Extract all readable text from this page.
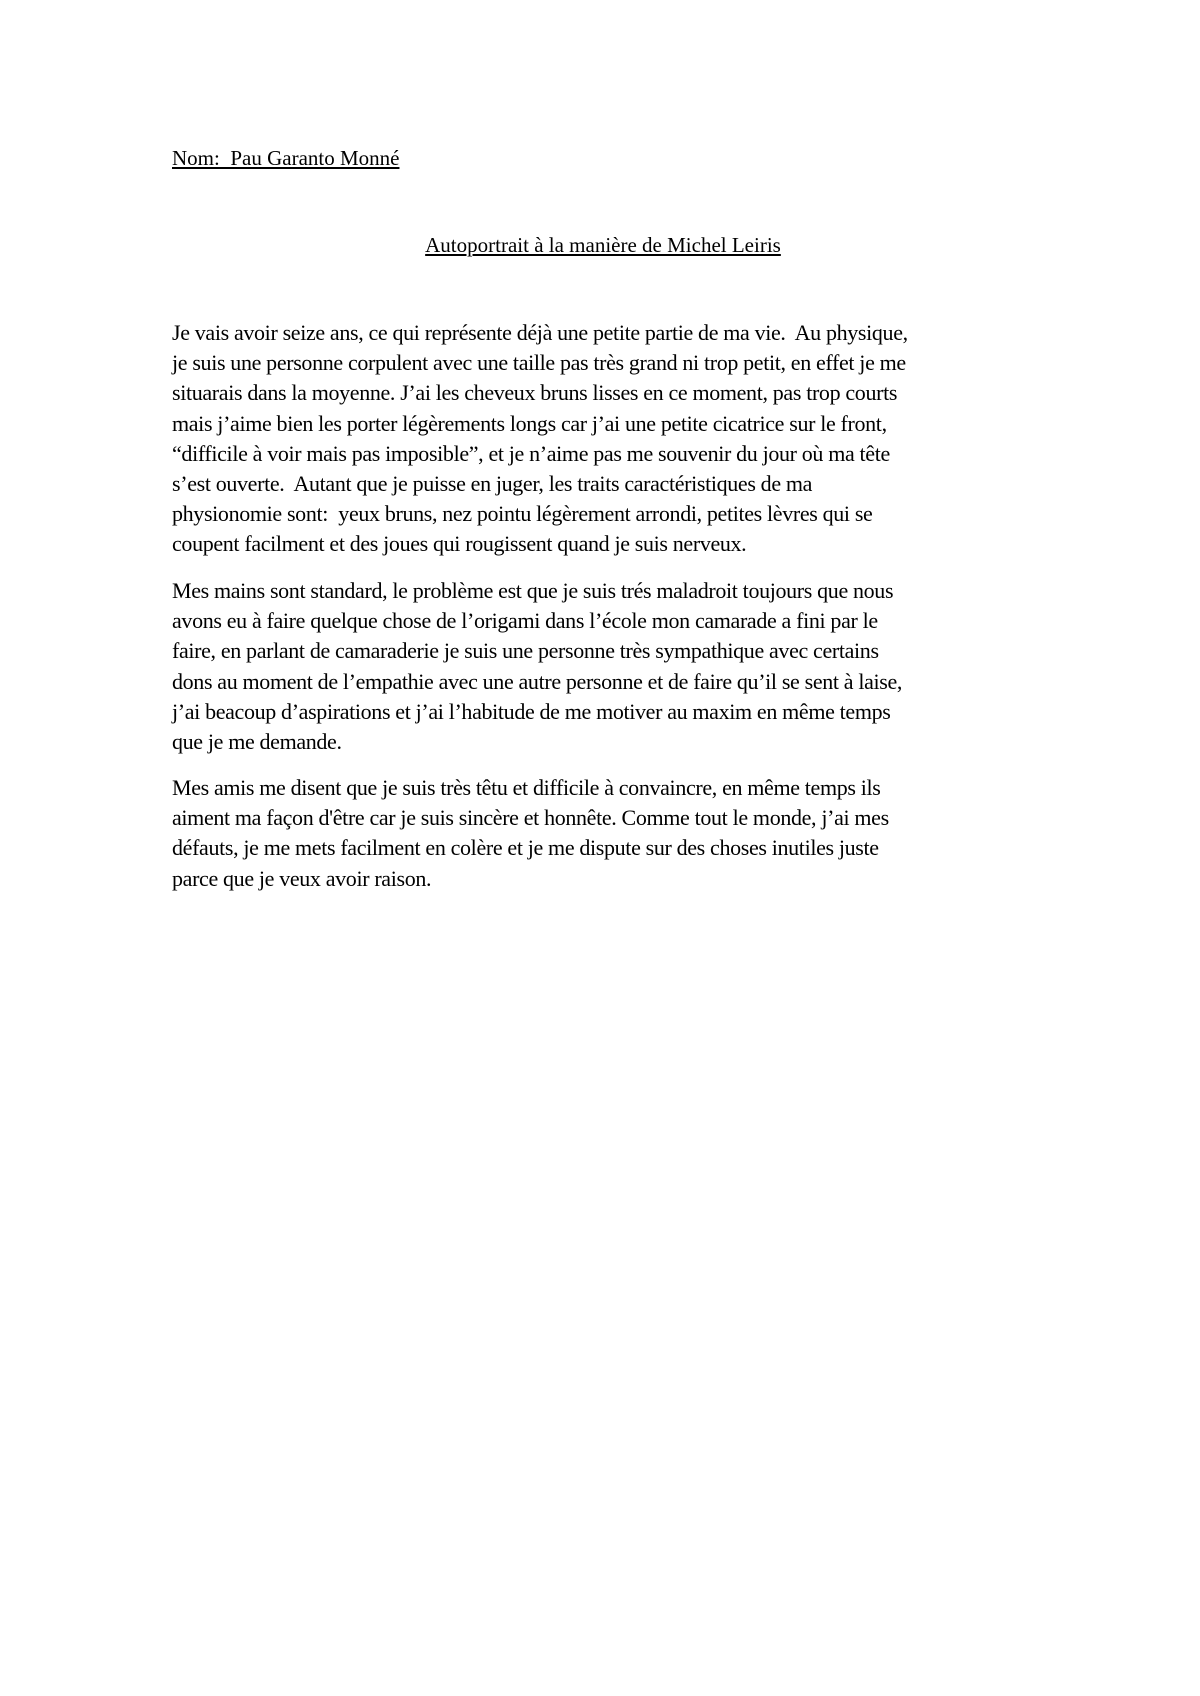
Nom:  Pau Garanto Monné
Autoportrait à la manière de Michel Leiris
Je vais avoir seize ans, ce qui représente déjà une petite partie de ma vie.  Au physique,
je suis une personne corpulent avec une taille pas très grand ni trop petit, en effet je me
situarais dans la moyenne. J’ai les cheveux bruns lisses en ce moment, pas trop courts
mais j’aime bien les porter légèrements longs car j’ai une petite cicatrice sur le front,
“difficile à voir mais pas imposible”, et je n’aime pas me souvenir du jour où ma tête
s’est ouverte.  Autant que je puisse en juger, les traits caractéristiques de ma
physionomie sont:  yeux bruns, nez pointu légèrement arrondi, petites lèvres qui se
coupent facilment et des joues qui rougissent quand je suis nerveux.
Mes mains sont standard, le problème est que je suis trés maladroit toujours que nous
avons eu à faire quelque chose de l’origami dans l’école mon camarade a fini par le
faire, en parlant de camaraderie je suis une personne très sympathique avec certains
dons au moment de l’empathie avec une autre personne et de faire qu’il se sent à laise,
j’ai beacoup d’aspirations et j’ai l’habitude de me motiver au maxim en même temps
que je me demande.
Mes amis me disent que je suis très têtu et difficile à convaincre, en même temps ils
aiment ma façon d'être car je suis sincère et honnête. Comme tout le monde, j’ai mes
défauts, je me mets facilment en colère et je me dispute sur des choses inutiles juste
parce que je veux avoir raison.
